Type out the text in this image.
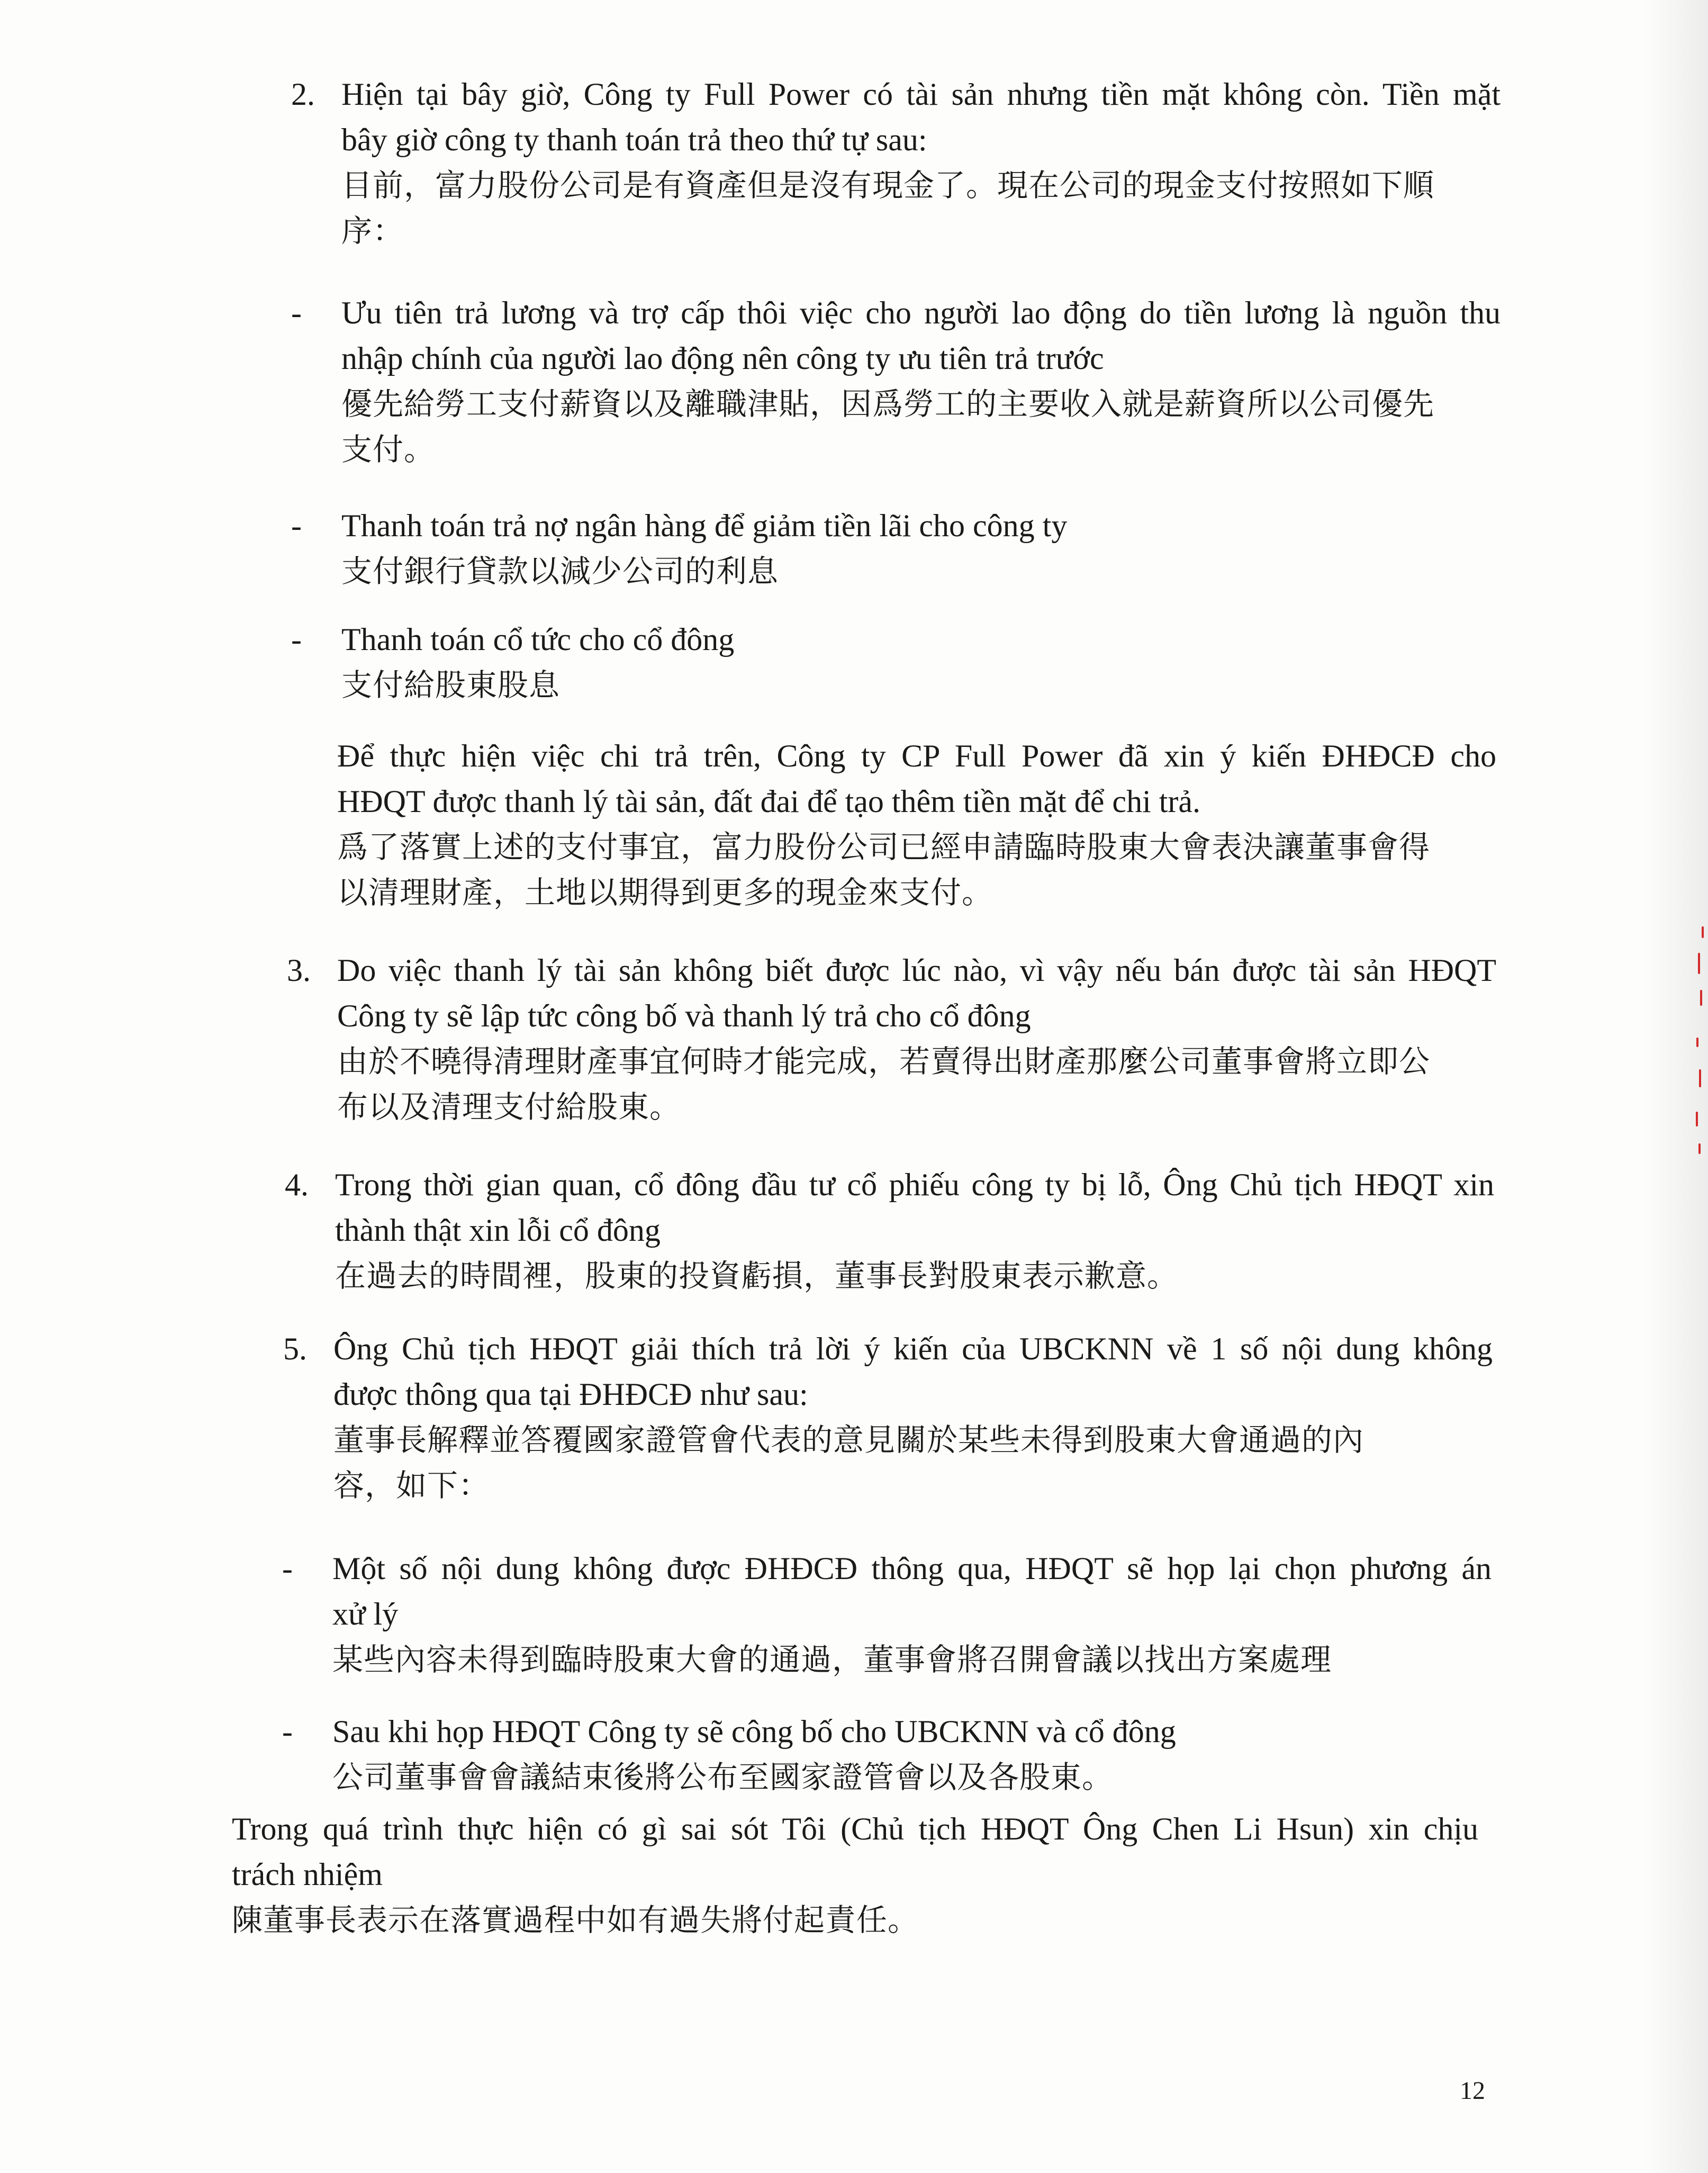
2. Hiện tại bây giờ, Công ty Full Power có tài sản nhưng tiền mặt không còn. Tiền mặt
bây giờ công ty thanh toán trả theo thứ tự sau:
目前，富力股份公司是有資產但是沒有現金了。現在公司的現金支付按照如下順
序：
- Ưu tiên trả lương và trợ cấp thôi việc cho người lao động do tiền lương là nguồn thu
nhập chính của người lao động nên công ty ưu tiên trả trước
優先給勞工支付薪資以及離職津貼，因爲勞工的主要收入就是薪資所以公司優先
支付。
- Thanh toán trả nợ ngân hàng để giảm tiền lãi cho công ty
支付銀行貸款以減少公司的利息
- Thanh toán cổ tức cho cổ đông
支付給股東股息
Để thực hiện việc chi trả trên, Công ty CP Full Power đã xin ý kiến ĐHĐCĐ cho
HĐQT được thanh lý tài sản, đất đai để tạo thêm tiền mặt để chi trả.
爲了落實上述的支付事宜，富力股份公司已經申請臨時股東大會表決讓董事會得
以清理財產，土地以期得到更多的現金來支付。
3. Do việc thanh lý tài sản không biết được lúc nào, vì vậy nếu bán được tài sản HĐQT
Công ty sẽ lập tức công bố và thanh lý trả cho cổ đông
由於不曉得清理財產事宜何時才能完成，若賣得出財產那麼公司董事會將立即公
布以及清理支付給股東。
4. Trong thời gian quan, cổ đông đầu tư cổ phiếu công ty bị lỗ, Ông Chủ tịch HĐQT xin
thành thật xin lỗi cổ đông
在過去的時間裡，股東的投資虧損，董事長對股東表示歉意。
5. Ông Chủ tịch HĐQT giải thích trả lời ý kiến của UBCKNN về 1 số nội dung không
được thông qua tại ĐHĐCĐ như sau:
董事長解釋並答覆國家證管會代表的意見關於某些未得到股東大會通過的內
容，如下：
- Một số nội dung không được ĐHĐCĐ thông qua, HĐQT sẽ họp lại chọn phương án
xử lý
某些內容未得到臨時股東大會的通過，董事會將召開會議以找出方案處理
- Sau khi họp HĐQT Công ty sẽ công bố cho UBCKNN và cổ đông
公司董事會會議結束後將公布至國家證管會以及各股東。
Trong quá trình thực hiện có gì sai sót Tôi (Chủ tịch HĐQT Ông Chen Li Hsun) xin chịu
trách nhiệm
陳董事長表示在落實過程中如有過失將付起責任。
12
